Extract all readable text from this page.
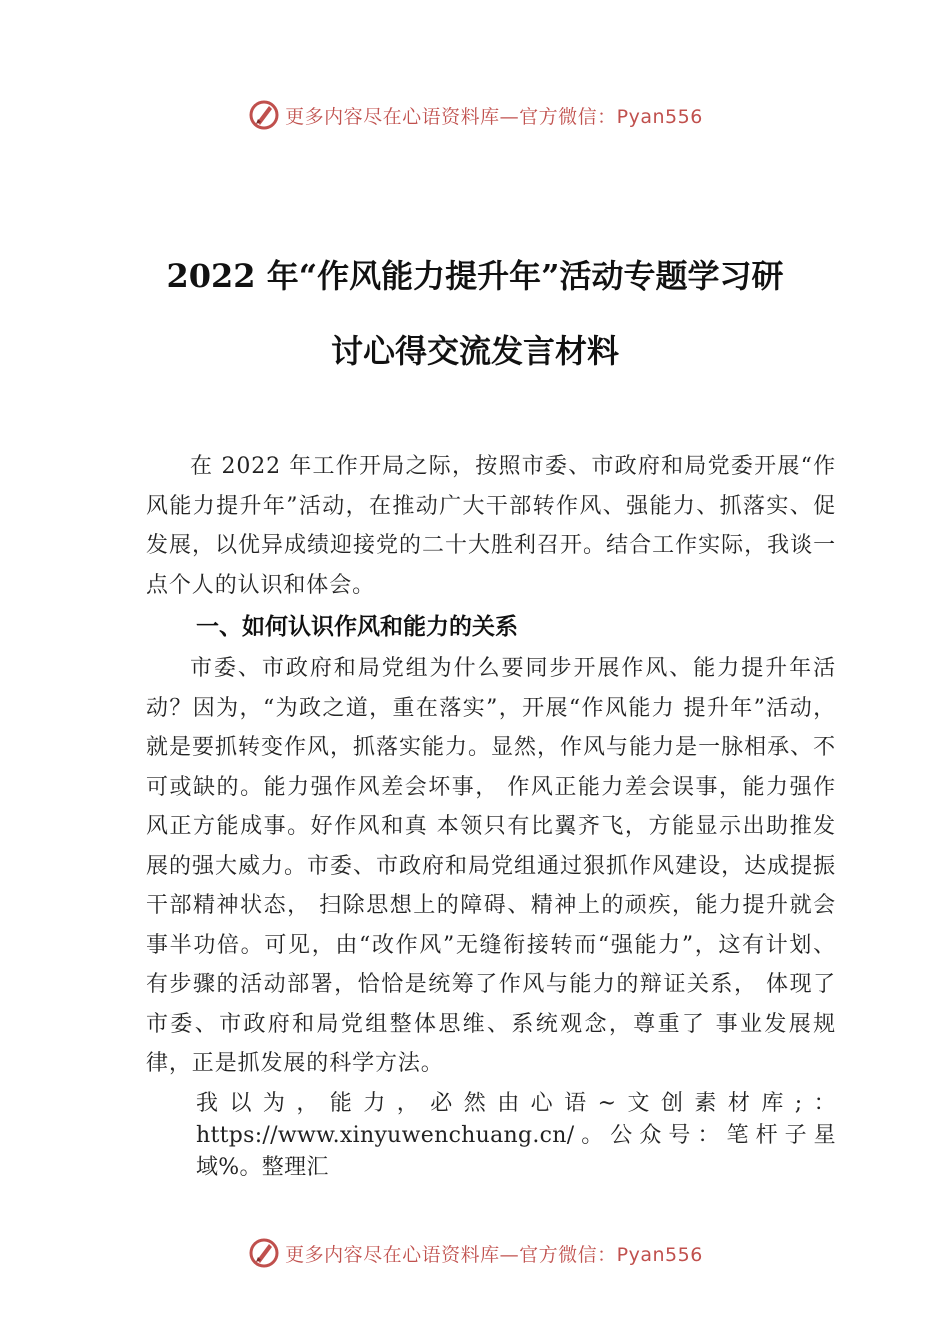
更多内容尽在心语资料库—官方微信：Pyan556
2022 年“作风能力提升年”活动专题学习研
讨心得交流发言材料

在 2022 年工作开局之际，按照市委、市政府和局党委开展“作风能力提升年”活动，在推动广大干部转作风、强能力、抓落实、促发展，以优异成绩迎接党的二十大胜利召开。结合工作实际，我谈一点个人的认识和体会。

一、如何认识作风和能力的关系

市委、市政府和局党组为什么要同步开展作风、能力提升年活动？因为，“为政之道，重在落实”，开展“作风能力 提升年”活动，就是要抓转变作风，抓落实能力。显然，作风与能力是一脉相承、不可或缺的。能力强作风差会坏事， 作风正能力差会误事，能力强作风正方能成事。好作风和真 本领只有比翼齐飞，方能显示出助推发展的强大威力。市委、市政府和局党组通过狠抓作风建设，达成提振干部精神状态， 扫除思想上的障碍、精神上的顽疾，能力提升就会事半功倍。可见，由“改作风”无缝衔接转而“强能力”，这有计划、 有步骤的活动部署，恰恰是统筹了作风与能力的辩证关系， 体现了市委、市政府和局党组整体思维、系统观念，尊重了 事业发展规律，正是抓发展的科学方法。

我以为，能力，必然由心语~文创素材库;：https://www.xinyuwenchuang.cn/。公众号：笔杆子星域%。整理汇

更多内容尽在心语资料库—官方微信：Pyan556
